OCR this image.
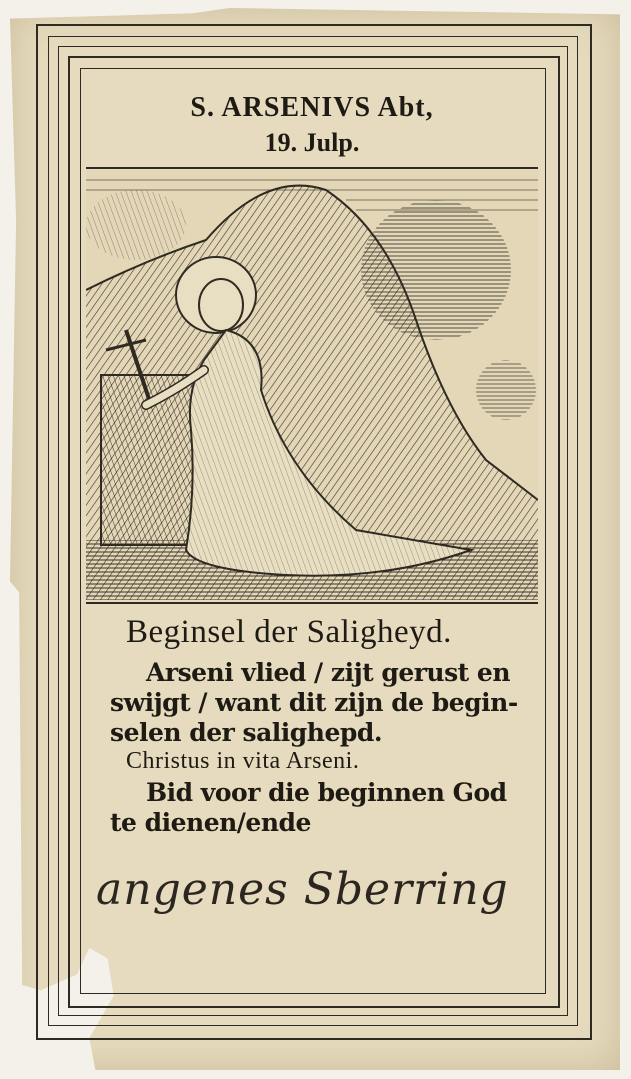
S. ARSENIVS Abt,
19. Julp.
Beginsel der Saligheyd.
Arseni vlied / zijt gerust en
swijgt / want dit zijn de begin-
selen der salighepd.
Christus in vita Arseni.
Bid voor die beginnen God
te dienen/ende
angenes Sberring
